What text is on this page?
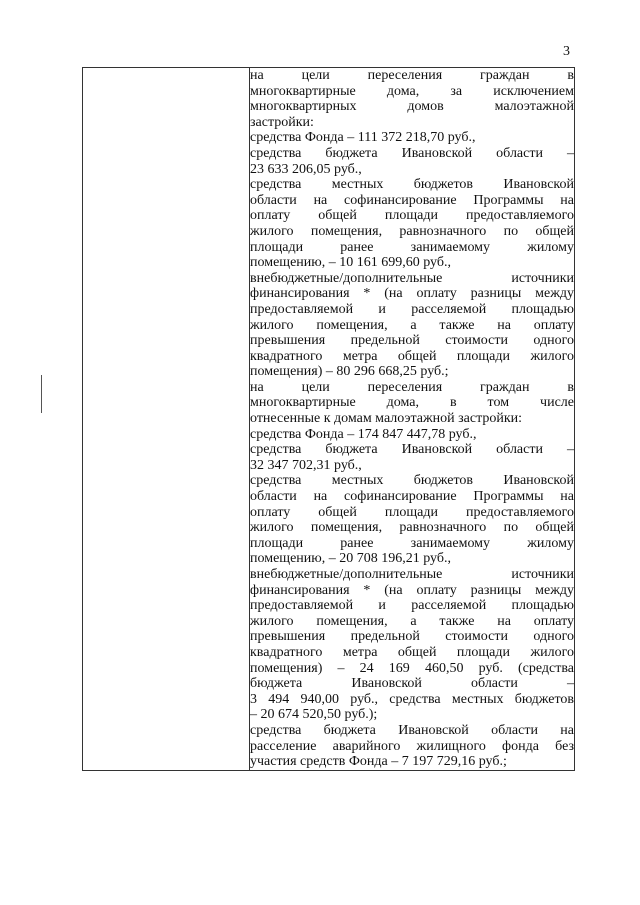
3

на цели переселения граждан в
многоквартирные дома, за исключением
многоквартирных домов малоэтажной
застройки:
средства Фонда – 111 372 218,70 руб.,
средства бюджета Ивановской области –
23 633 206,05 руб.,
средства местных бюджетов Ивановской
области на софинансирование Программы на
оплату общей площади предоставляемого
жилого помещения, равнозначного по общей
площади ранее занимаемому жилому
помещению, – 10 161 699,60 руб.,
внебюджетные/дополнительные источники
финансирования * (на оплату разницы между
предоставляемой и расселяемой площадью
жилого помещения, а также на оплату
превышения предельной стоимости одного
квадратного метра общей площади жилого
помещения) – 80 296 668,25 руб.;
на цели переселения граждан в
многоквартирные дома, в том числе
отнесенные к домам малоэтажной застройки:
средства Фонда – 174 847 447,78 руб.,
средства бюджета Ивановской области –
32 347 702,31 руб.,
средства местных бюджетов Ивановской
области на софинансирование Программы на
оплату общей площади предоставляемого
жилого помещения, равнозначного по общей
площади ранее занимаемому жилому
помещению, – 20 708 196,21 руб.,
внебюджетные/дополнительные источники
финансирования * (на оплату разницы между
предоставляемой и расселяемой площадью
жилого помещения, а также на оплату
превышения предельной стоимости одного
квадратного метра общей площади жилого
помещения) – 24 169 460,50 руб. (средства
бюджета Ивановской области –
3 494 940,00 руб., средства местных бюджетов
– 20 674 520,50 руб.);
средства бюджета Ивановской области на
расселение аварийного жилищного фонда без
участия средств Фонда – 7 197 729,16 руб.;
